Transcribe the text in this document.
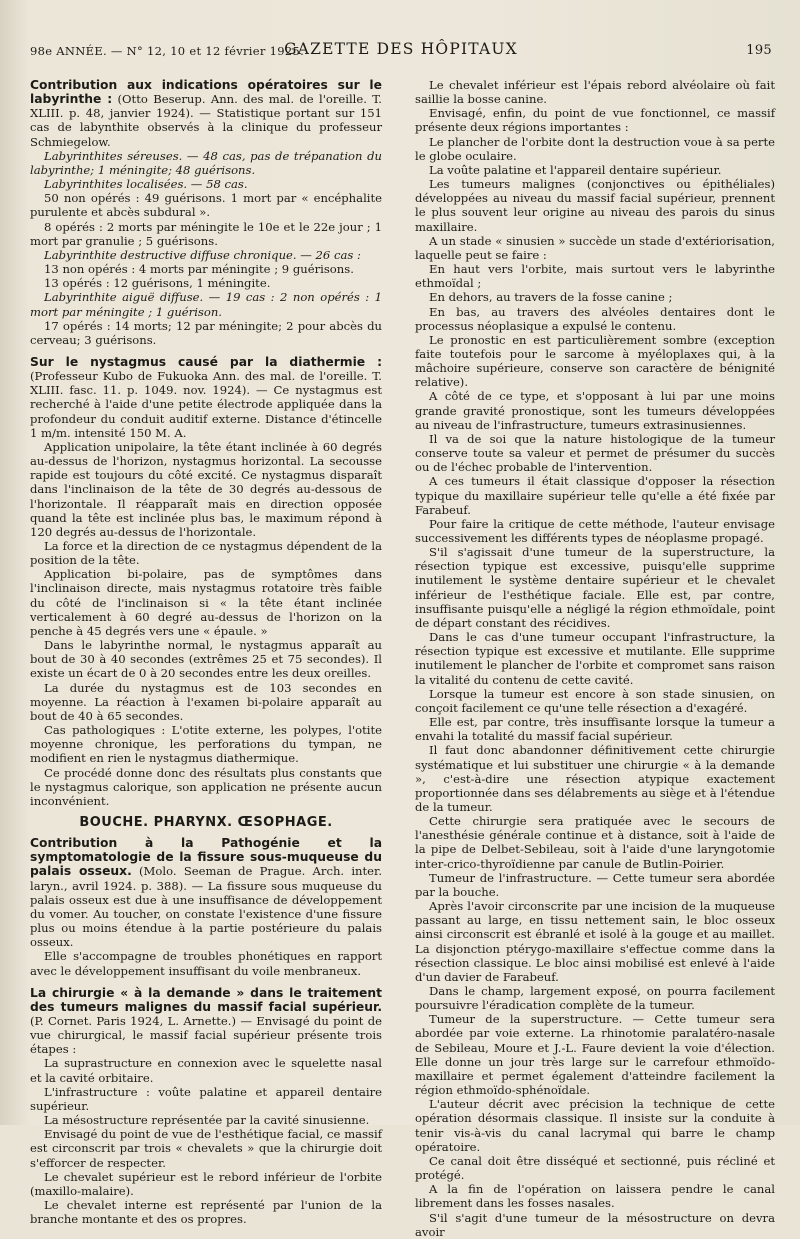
98e ANNÉE. — N° 12, 10 et 12 février 1925.
GAZETTE DES HÔPITAUX	195

Contribution aux indications opératoires sur le labyrinthe : (Otto Beserup. Ann. des mal. de l'oreille. T. XLIII. p. 48, janvier 1924). — Statistique portant sur 151 cas de labynthite observés à la clinique du professeur Schmiegelow.

Labyrinthites séreuses. — 48 cas, pas de trépanation du labyrinthe; 1 méningite; 48 guérisons.

Labyrinthites localisées. — 58 cas.

50 non opérés : 49 guérisons. 1 mort par « encéphalite purulente et abcès subdural ».

8 opérés : 2 morts par méningite le 10e et le 22e jour ; 1 mort par granulie ; 5 guérisons.

Labyrinthite destructive diffuse chronique. — 26 cas :

13 non opérés : 4 morts par méningite ; 9 guérisons.

13 opérés : 12 guérisons, 1 méningite.

Labyrinthite aiguë diffuse. — 19 cas : 2 non opérés : 1 mort par méningite ; 1 guérison.

17 opérés : 14 morts; 12 par méningite; 2 pour abcès du cerveau; 3 guérisons.

Sur le nystagmus causé par la diathermie : (Professeur Kubo de Fukuoka Ann. des mal. de l'oreille. T. XLIII. fasc. 11. p. 1049. nov. 1924). — Ce nystagmus est recherché à l'aide d'une petite électrode appliquée dans la profondeur du conduit auditif externe. Distance d'étincelle 1 m/m. intensité 150 M. A.

Application unipolaire, la tête étant inclinée à 60 degrés au-dessus de l'horizon, nystagmus horizontal. La secousse rapide est toujours du côté excité. Ce nystagmus disparaît dans l'inclinaison de la tête de 30 degrés au-dessous de l'horizontale. Il réapparaît mais en direction opposée quand la tête est inclinée plus bas, le maximum répond à 120 degrés au-dessus de l'horizontale.

La force et la direction de ce nystagmus dépendent de la position de la tête.

Application bi-polaire, pas de symptômes dans l'inclinaison directe, mais nystagmus rotatoire très faible du côté de l'inclinaison si « la tête étant inclinée verticalement à 60 degré au-dessus de l'horizon on la penche à 45 degrés vers une « épaule. »

Dans le labyrinthe normal, le nystagmus apparaît au bout de 30 à 40 secondes (extrêmes 25 et 75 secondes). Il existe un écart de 0 à 20 secondes entre les deux oreilles.

La durée du nystagmus est de 103 secondes en moyenne. La réaction à l'examen bi-polaire apparaît au bout de 40 à 65 secondes.

Cas pathologiques : L'otite externe, les polypes, l'otite moyenne chronique, les perforations du tympan, ne modifient en rien le nystagmus diathermique.

Ce procédé donne donc des résultats plus constants que le nystagmus calorique, son application ne présente aucun inconvénient.

BOUCHE. PHARYNX. ŒSOPHAGE.

Contribution à la Pathogénie et la symptomatologie de la fissure sous-muqueuse du palais osseux. (Molo. Seeman de Prague. Arch. inter. laryn., avril 1924. p. 388). — La fissure sous muqueuse du palais osseux est due à une insuffisance de développement du vomer. Au toucher, on constate l'existence d'une fissure plus ou moins étendue à la partie postérieure du palais osseux.

Elle s'accompagne de troubles phonétiques en rapport avec le développement insuffisant du voile menbraneux.

La chirurgie « à la demande » dans le traitement des tumeurs malignes du massif facial supérieur. (P. Cornet. Paris 1924, L. Arnette.) — Envisagé du point de vue chirurgical, le massif facial supérieur présente trois étapes :

La suprastructure en connexion avec le squelette nasal et la cavité orbitaire.

L'infrastructure : voûte palatine et appareil dentaire supérieur.

La mésostructure représentée par la cavité sinusienne.

Envisagé du point de vue de l'esthétique facial, ce massif est circonscrit par trois « chevalets » que la chirurgie doit s'efforcer de respecter.

Le chevalet supérieur est le rebord inférieur de l'orbite (maxillo-malaire).

Le chevalet interne est représenté par l'union de la branche montante et des os propres.

Le chevalet inférieur est l'épais rebord alvéolaire où fait saillie la bosse canine.

Envisagé, enfin, du point de vue fonctionnel, ce massif présente deux régions importantes :

Le plancher de l'orbite dont la destruction voue à sa perte le globe oculaire.

La voûte palatine et l'appareil dentaire supérieur.

Les tumeurs malignes (conjonctives ou épithéliales) développées au niveau du massif facial supérieur, prennent le plus souvent leur origine au niveau des parois du sinus maxillaire.

A un stade « sinusien » succède un stade d'extériorisation, laquelle peut se faire :

En haut vers l'orbite, mais surtout vers le labyrinthe ethmoïdal ;

En dehors, au travers de la fosse canine ;

En bas, au travers des alvéoles dentaires dont le processus néoplasique a expulsé le contenu.

Le pronostic en est particulièrement sombre (exception faite toutefois pour le sarcome à myéloplaxes qui, à la mâchoire supérieure, conserve son caractère de bénignité relative).

A côté de ce type, et s'opposant à lui par une moins grande gravité pronostique, sont les tumeurs développées au niveau de l'infrastructure, tumeurs extrasinusiennes.

Il va de soi que la nature histologique de la tumeur conserve toute sa valeur et permet de présumer du succès ou de l'échec probable de l'intervention.

A ces tumeurs il était classique d'opposer la résection typique du maxillaire supérieur telle qu'elle a été fixée par Farabeuf.

Pour faire la critique de cette méthode, l'auteur envisage successivement les différents types de néoplasme propagé.

S'il s'agissait d'une tumeur de la superstructure, la résection typique est excessive, puisqu'elle supprime inutilement le système dentaire supérieur et le chevalet inférieur de l'esthétique faciale. Elle est, par contre, insuffisante puisqu'elle a négligé la région ethmoïdale, point de départ constant des récidives.

Dans le cas d'une tumeur occupant l'infrastructure, la résection typique est excessive et mutilante. Elle supprime inutilement le plancher de l'orbite et compromet sans raison la vitalité du contenu de cette cavité.

Lorsque la tumeur est encore à son stade sinusien, on conçoit facilement ce qu'une telle résection a d'exagéré.

Elle est, par contre, très insuffisante lorsque la tumeur a envahi la totalité du massif facial supérieur.

Il faut donc abandonner définitivement cette chirurgie systématique et lui substituer une chirurgie « à la demande », c'est-à-dire une résection atypique exactement proportionnée dans ses délabrements au siège et à l'étendue de la tumeur.

Cette chirurgie sera pratiquée avec le secours de l'anesthésie générale continue et à distance, soit à l'aide de la pipe de Delbet-Sebileau, soit à l'aide d'une laryngotomie inter-crico-thyroïdienne par canule de Butlin-Poirier.

Tumeur de l'infrastructure. — Cette tumeur sera abordée par la bouche.

Après l'avoir circonscrite par une incision de la muqueuse passant au large, en tissu nettement sain, le bloc osseux ainsi circonscrit est ébranlé et isolé à la gouge et au maillet. La disjonction ptérygo-maxillaire s'effectue comme dans la résection classique. Le bloc ainsi mobilisé est enlevé à l'aide d'un davier de Farabeuf.

Dans le champ, largement exposé, on pourra facilement poursuivre l'éradication complète de la tumeur.

Tumeur de la superstructure. — Cette tumeur sera abordée par voie externe. La rhinotomie paralatéro-nasale de Sebileau, Moure et J.-L. Faure devient la voie d'élection. Elle donne un jour très large sur le carrefour ethmoïdo-maxillaire et permet également d'atteindre facilement la région ethmoïdo-sphénoïdale.

L'auteur décrit avec précision la technique de cette opération désormais classique. Il insiste sur la conduite à tenir vis-à-vis du canal lacrymal qui barre le champ opératoire.

Ce canal doit être disséqué et sectionné, puis récliné et protégé.

A la fin de l'opération on laissera pendre le canal librement dans les fosses nasales.

S'il s'agit d'une tumeur de la mésostructure on devra avoir
